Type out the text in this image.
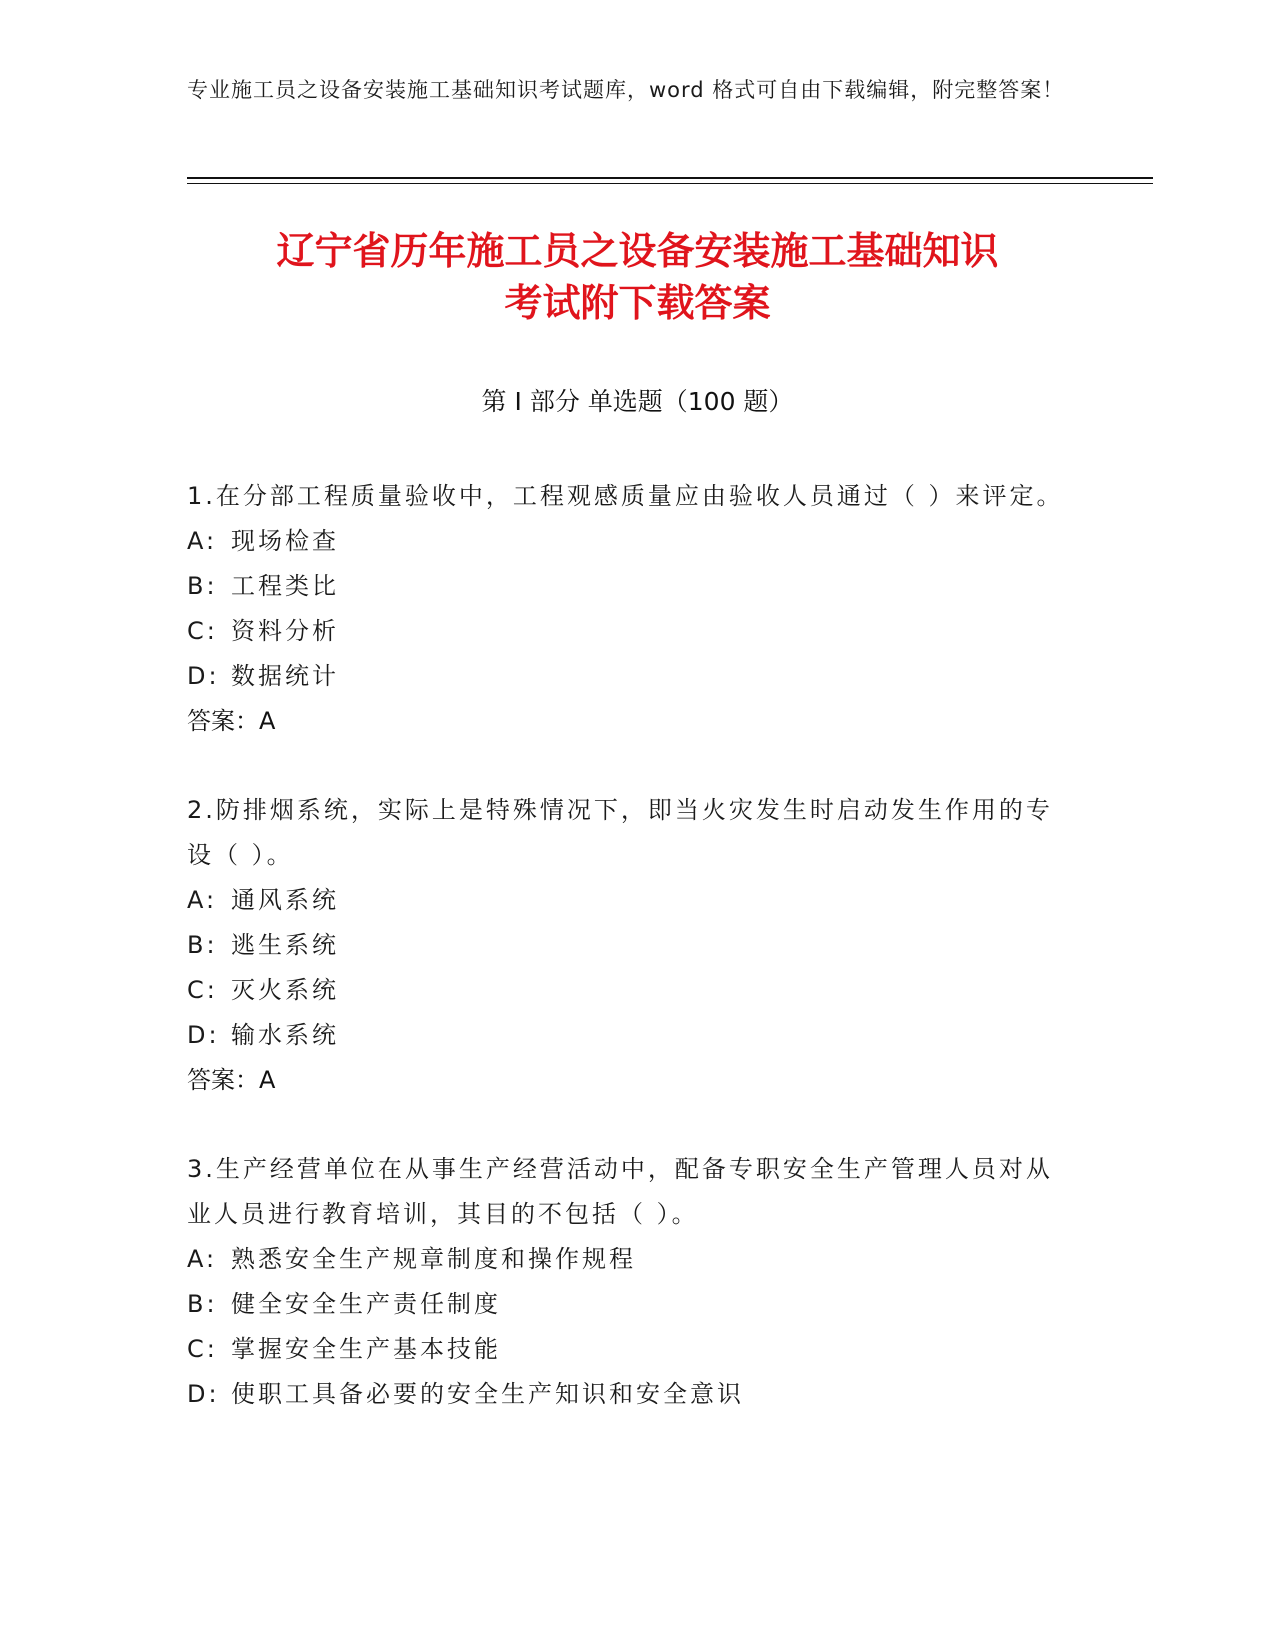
专业施工员之设备安装施工基础知识考试题库，word 格式可自由下载编辑，附完整答案！
辽宁省历年施工员之设备安装施工基础知识
考试附下载答案
第 I 部分 单选题（100 题）

1.在分部工程质量验收中，工程观感质量应由验收人员通过（ ）来评定。

A: 现场检查

B: 工程类比

C: 资料分析

D: 数据统计

答案：A

2.防排烟系统，实际上是特殊情况下，即当火灾发生时启动发生作用的专设（ ）。

A: 通风系统

B: 逃生系统

C: 灭火系统

D: 输水系统

答案：A

3.生产经营单位在从事生产经营活动中，配备专职安全生产管理人员对从业人员进行教育培训，其目的不包括（ ）。

A: 熟悉安全生产规章制度和操作规程

B: 健全安全生产责任制度

C: 掌握安全生产基本技能

D: 使职工具备必要的安全生产知识和安全意识
